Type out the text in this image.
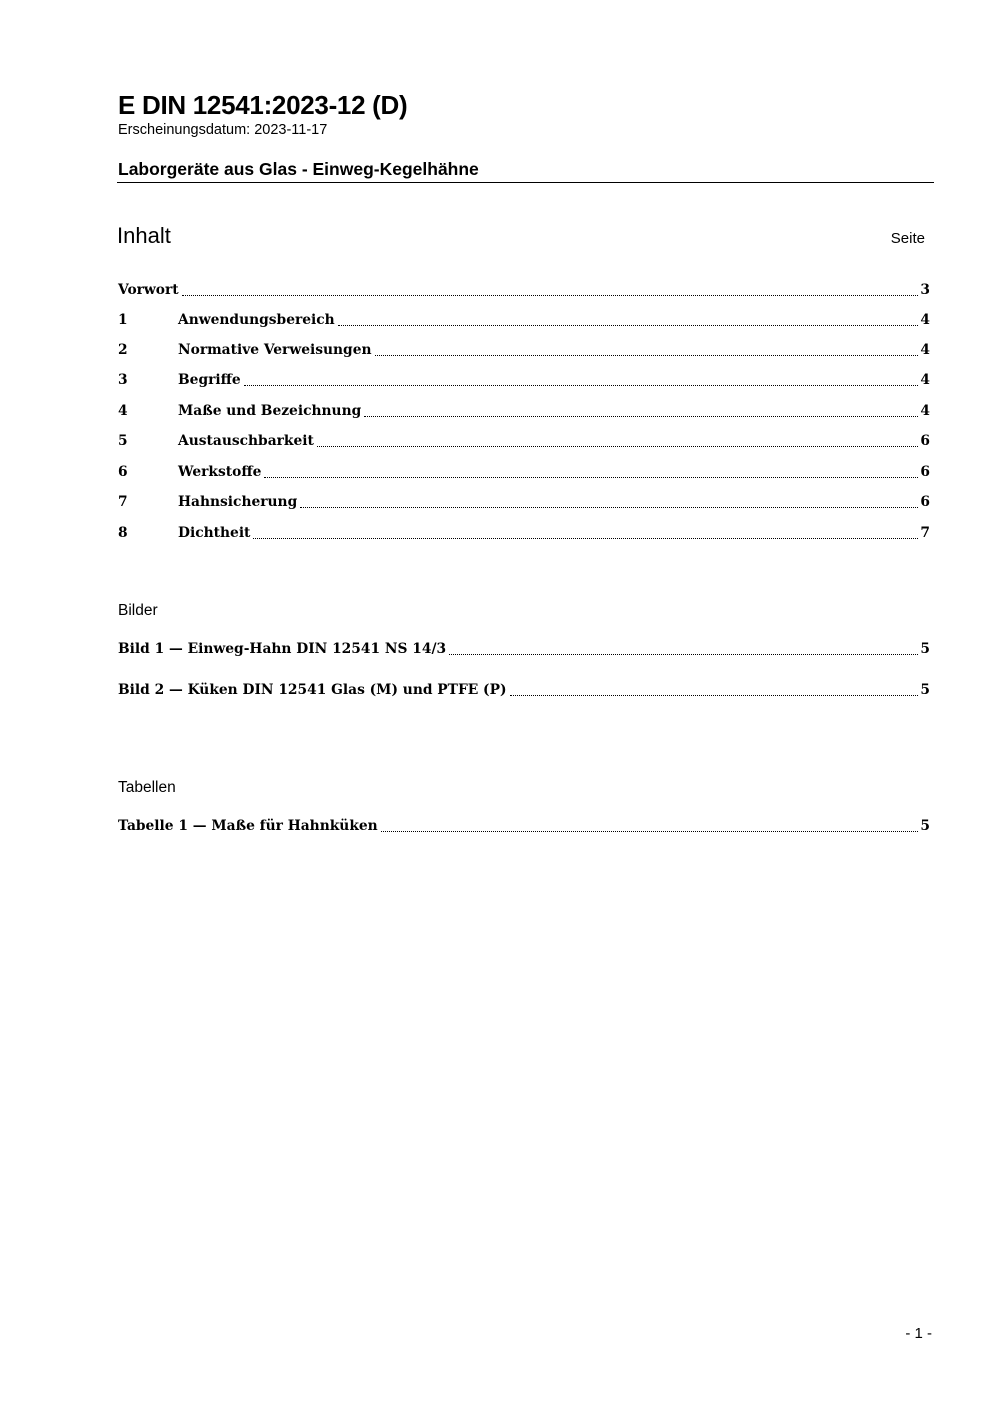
E DIN 12541:2023-12 (D)
Erscheinungsdatum: 2023-11-17
Laborgeräte aus Glas - Einweg-Kegelhähne
Inhalt	Seite
Vorwort	3
1	Anwendungsbereich	4
2	Normative Verweisungen	4
3	Begriffe	4
4	Maße und Bezeichnung	4
5	Austauschbarkeit	6
6	Werkstoffe	6
7	Hahnsicherung	6
8	Dichtheit	7
Bilder
Bild 1 — Einweg-Hahn DIN 12541 NS 14/3	5
Bild 2 — Küken DIN 12541 Glas (M) und PTFE (P)	5
Tabellen
Tabelle 1 — Maße für Hahnküken	5
- 1 -
